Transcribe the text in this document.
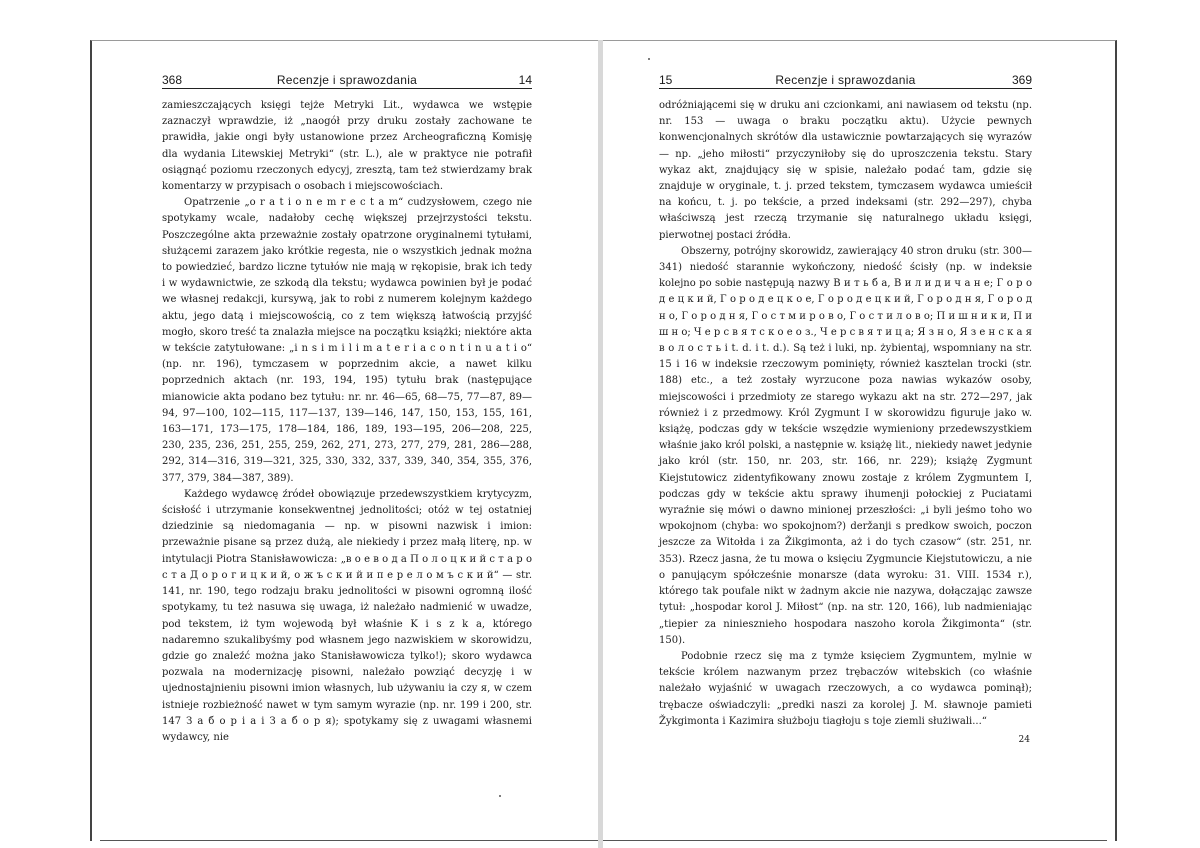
Recenzje i sprawozdania
368	14	Recenzje i sprawozdania
15	369

zamieszczających księgi tejże Metryki Lit., wydawca we wstępie zaznaczył wprawdzie, iż „naogół przy druku zostały zachowane te prawidła, jakie ongi były ustanowione przez Archeograficzną Komisję dla wydania Litewskiej Metryki“ (str. L.), ale w praktyce nie potrafił osiągnąć poziomu rzeczonych edycyj, zresztą, tam też stwierdzamy brak komentarzy w przypisach o osobach i miejscowościach.

Opatrzenie „o r a t i o n e m r e c t a m“ cudzysłowem, czego nie spotykamy wcale, nadałoby cechę większej przejrzystości tekstu. Poszczególne akta przeważnie zostały opatrzone oryginalnemi tytułami, służącemi zarazem jako krótkie regesta, nie o wszystkich jednak można to powiedzieć, bardzo liczne tytułów nie mają w rękopisie, brak ich tedy i w wydawnictwie, ze szkodą dla tekstu; wydawca powinien był je podać we własnej redakcji, kursywą, jak to robi z numerem kolejnym każdego aktu, jego datą i miejscowością, co z tem większą łatwością przyjść mogło, skoro treść ta znalazła miejsce na początku książki; niektóre akta w tekście zatytułowane: „i n s i m i l i m a t e r i a c o n t i n u a t i o“ (np. nr. 196), tymczasem w poprzednim akcie, a nawet kilku poprzednich aktach (nr. 193, 194, 195) tytułu brak (następujące mianowicie akta podano bez tytułu: nr. nr. 46—65, 68—75, 77—87, 89—94, 97—100, 102—115, 117—137, 139—146, 147, 150, 153, 155, 161, 163—171, 173—175, 178—184, 186, 189, 193—195, 206—208, 225, 230, 235, 236, 251, 255, 259, 262, 271, 273, 277, 279, 281, 286—288, 292, 314—316, 319—321, 325, 330, 332, 337, 339, 340, 354, 355, 376, 377, 379, 384—387, 389).

Każdego wydawcę źródeł obowiązuje przedewszystkiem krytycyzm, ścisłość i utrzymanie konsekwentnej jednolitości; otóż w tej ostatniej dziedzinie są niedomagania — np. w pisowni nazwisk i imion: przeważnie pisane są przez dużą, ale niekiedy i przez małą literę, np. w intytulacji Piotra Stanisławowicza: „в о е в о д а П о л о ц к и й с т а р о с т а Д о р о г и ц к и й, о ж ъ с к и й и п е р е л о м ъ с к и й“ — str. 141, nr. 190, tego rodzaju braku jednolitości w pisowni ogromną ilość spotykamy, tu też nasuwa się uwaga, iż należało nadmienić w uwadze, pod tekstem, iż tym wojewodą był właśnie K i s z k a, którego nadaremno szukalibyśmy pod własnem jego nazwiskiem w skorowidzu, gdzie go znaleźć można jako Stanisławowicza tylko!); skoro wydawca pozwala na modernizację pisowni, należało powziąć decyzję i w ujednostajnieniu pisowni imion własnych, lub używaniu ia czy я, w czem istnieje rozbieżność nawet w tym samym wyrazie (np. nr. 199 i 200, str. 147 З а б о р і а i З а б о р я); spotykamy się z uwagami własnemi wydawcy, nie

odróżniającemi się w druku ani czcionkami, ani nawiasem od tekstu (np. nr. 153 — uwaga o braku początku aktu). Użycie pewnych konwencjonalnych skrótów dla ustawicznie powtarzających się wyrazów — np. „jeho miłosti“ przyczyniłoby się do uproszczenia tekstu. Stary wykaz akt, znajdujący się w spisie, należało podać tam, gdzie się znajduje w oryginale, t. j. przed tekstem, tymczasem wydawca umieścił na końcu, t. j. po tekście, a przed indeksami (str. 292—297), chyba właściwszą jest rzeczą trzymanie się naturalnego układu księgi, pierwotnej postaci źródła.

Obszerny, potrójny skorowidz, zawierający 40 stron druku (str. 300—341) niedość starannie wykończony, niedość ścisły (np. w indeksie kolejno po sobie następują nazwy В и т ь б а, В и л и д и ч а н е; Г о р о д е ц к и й, Г о р о д е ц к о е, Г о р о д е ц к и й, Г о р о д н я, Г о р о д н о, Г о р о д н я, Г о с т м и р о в о, Г о с т и л о в о; П и ш н и к и, П и ш н о; Ч е р с в я т с к о е о з., Ч е р с в я т и ц а; Я з н о, Я з е н с к а я в о л о с т ь i t. d. i t. d.). Są też i luki, np. żybientaj, wspomniany na str. 15 i 16 w indeksie rzeczowym pominięty, również kasztelan trocki (str. 188) etc., a też zostały wyrzucone poza nawias wykazów osoby, miejscowości i przedmioty ze starego wykazu akt na str. 272—297, jak również i z przedmowy. Król Zygmunt I w skorowidzu figuruje jako w. książę, podczas gdy w tekście wszędzie wymieniony przedewszystkiem właśnie jako król polski, a następnie w. książę lit., niekiedy nawet jedynie jako król (str. 150, nr. 203, str. 166, nr. 229); książę Zygmunt Kiejstutowicz zidentyfikowany znowu zostaje z królem Zygmuntem I, podczas gdy w tekście aktu sprawy ihumenji połockiej z Puciatami wyraźnie się mówi o dawno minionej przeszłości: „i byli jeśmo toho wo wpokojnom (chyba: wo spokojnom?) deržanji s predkow swoich, poczon jeszcze za Witołda i za Žikgimonta, aż i do tych czasow“ (str. 251, nr. 353). Rzecz jasna, że tu mowa o księciu Zygmuncie Kiejstutowiczu, a nie o panującym spółcześnie monarsze (data wyroku: 31. VIII. 1534 r.), którego tak poufale nikt w żadnym akcie nie nazywa, dołączając zawsze tytuł: „hospodar korol J. Miłost“ (np. na str. 120, 166), lub nadmieniając „tiepier za niniesznieho hospodara naszoho korola Žikgimonta“ (str. 150).

Podobnie rzecz się ma z tymże księciem Zygmuntem, mylnie w tekście królem nazwanym przez trębaczów witebskich (co właśnie należało wyjaśnić w uwagach rzeczowych, a co wydawca pominął); trębacze oświadczyli: „predki naszi za korolej J. M. sławnoje pamieti Žykgimonta i Kazimira służboju tiagłoju s toje ziemli służiwali...“

24
